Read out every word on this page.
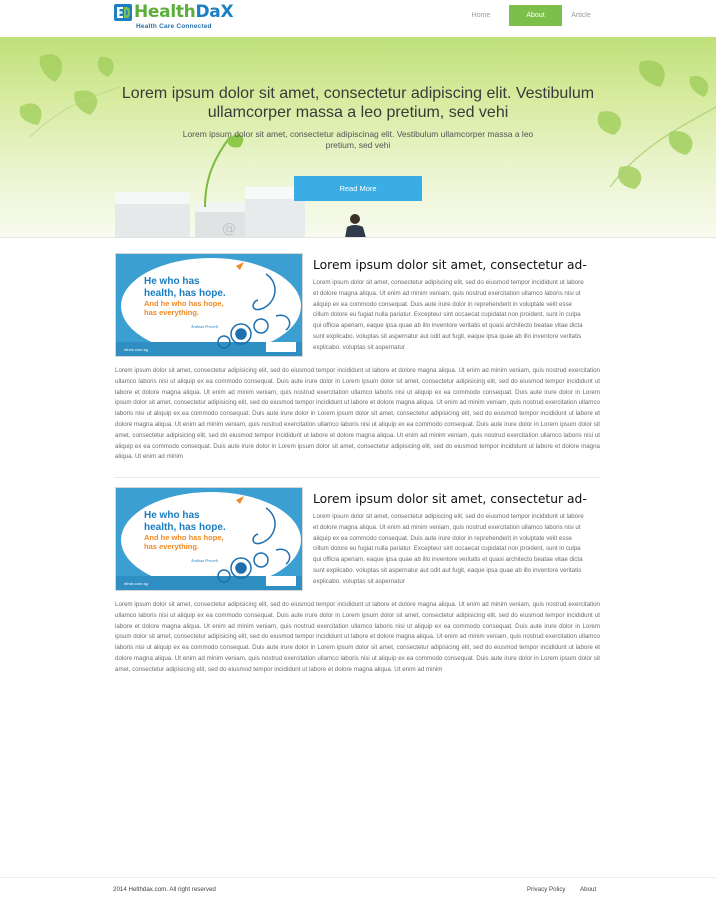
HealthDaX
Health Care Connected
Home	About	Article
@
Lorem ipsum dolor sit amet, consectetur adipiscing elit. Vestibulum ullamcorper massa a leo pretium, sed vehi
Lorem ipsum dolor sit amet, consectetur adipiscinag elit. Vestibulum ullamcorper massa a leo pretium, sed vehi
Read More
He who has
health, has hope.
And he who has hope,
has everything.
Arabian Proverb
nthdx.com.sg
Lorem ipsum dolor sit amet, consectetur ad-
Lorem ipsum dolor sit amet, consectetur adipiscing elit, sed do eiusmod tempor incididunt ut labore et dolore magna aliqua. Ut enim ad minim veniam, quis nostrud exercitation ullamco laboris nisi ut aliquip ex ea commodo consequat. Duis aute irure dolor in reprehenderit in voluptate velit esse cillum dolore eu fugiat nulla pariatur. Excepteur sint occaecat cupidatat non proident, sunt in culpa qui officia aperiam, eaque ipsa quae ab illo inventore veritatis et quasi architecto beatae vitae dicta sunt explicabo. voluptas sit aspernatur aut odit aut fugit, eaque ipsa quae ab illo inventore veritatis explicabo. voluptas sit aspernatur
Lorem ipsum dolor sit amet, consectetur adipisicing elit, sed do eiusmod tempor incididunt ut labore et dolore magna aliqua. Ut enim ad minim veniam, quis nostrud exercitation ullamco laboris nisi ut aliquip ex ea commodo consequat. Duis aute irure dolor in Lorem ipsum dolor sit amet, consectetur adipisicing elit, sed do eiusmod tempor incididunt ut labore et dolore magna aliqua. Ut enim ad minim veniam, quis nostrud exercitation ullamco laboris nisi ut aliquip ex ea commodo consequat. Duis aute irure dolor in Lorem ipsum dolor sit amet, consectetur adipisicing elit, sed do eiusmod tempor incididunt ut labore et dolore magna aliqua. Ut enim ad minim veniam, quis nostrud exercitation ullamco laboris nisi ut aliquip ex ea commodo consequat. Duis aute irure dolor in Lorem ipsum dolor sit amet, consectetur adipisicing elit, sed do eiusmod tempor incididunt ut labore et dolore magna aliqua. Ut enim ad minim veniam, quis nostrud exercitation ullamco laboris nisi ut aliquip ex ea commodo consequat. Duis aute irure dolor in Lorem ipsum dolor sit amet, consectetur adipisicing elit, sed do eiusmod tempor incididunt ut labore et dolore magna aliqua. Ut enim ad minim veniam, quis nostrud exercitation ullamco laboris nisi ut aliquip ex ea commodo consequat. Duis aute irure dolor in Lorem ipsum dolor sit amet, consectetur adipisicing elit, sed do eiusmod tempor incididunt ut labore et dolore magna aliqua. Ut enim ad minim
He who has
health, has hope.
And he who has hope,
has everything.
Arabian Proverb
nthdx.com.sg
Lorem ipsum dolor sit amet, consectetur ad-
Lorem ipsum dolor sit amet, consectetur adipiscing elit, sed do eiusmod tempor incididunt ut labore et dolore magna aliqua. Ut enim ad minim veniam, quis nostrud exercitation ullamco laboris nisi ut aliquip ex ea commodo consequat. Duis aute irure dolor in reprehenderit in voluptate velit esse cillum dolore eu fugiat nulla pariatur. Excepteur sint occaecat cupidatat non proident, sunt in culpa qui officia aperiam, eaque ipsa quae ab illo inventore veritatis et quasi architecto beatae vitae dicta sunt explicabo. voluptas sit aspernatur aut odit aut fugit, eaque ipsa quae ab illo inventore veritatis explicabo. voluptas sit aspernatur
Lorem ipsum dolor sit amet, consectetur adipisicing elit, sed do eiusmod tempor incididunt ut labore et dolore magna aliqua. Ut enim ad minim veniam, quis nostrud exercitation ullamco laboris nisi ut aliquip ex ea commodo consequat. Duis aute irure dolor in Lorem ipsum dolor sit amet, consectetur adipisicing elit, sed do eiusmod tempor incididunt ut labore et dolore magna aliqua. Ut enim ad minim veniam, quis nostrud exercitation ullamco laboris nisi ut aliquip ex ea commodo consequat. Duis aute irure dolor in Lorem ipsum dolor sit amet, consectetur adipisicing elit, sed do eiusmod tempor incididunt ut labore et dolore magna aliqua. Ut enim ad minim veniam, quis nostrud exercitation ullamco laboris nisi ut aliquip ex ea commodo consequat. Duis aute irure dolor in Lorem ipsum dolor sit amet, consectetur adipisicing elit, sed do eiusmod tempor incididunt ut labore et dolore magna aliqua. Ut enim ad minim veniam, quis nostrud exercitation ullamco laboris nisi ut aliquip ex ea commodo consequat. Duis aute irure dolor in Lorem ipsum dolor sit amet, consectetur adipisicing elit, sed do eiusmod tempor incididunt ut labore et dolore magna aliqua. Ut enim ad minim
2014 Helthdax.com. All right reserved	Privacy Policy About
